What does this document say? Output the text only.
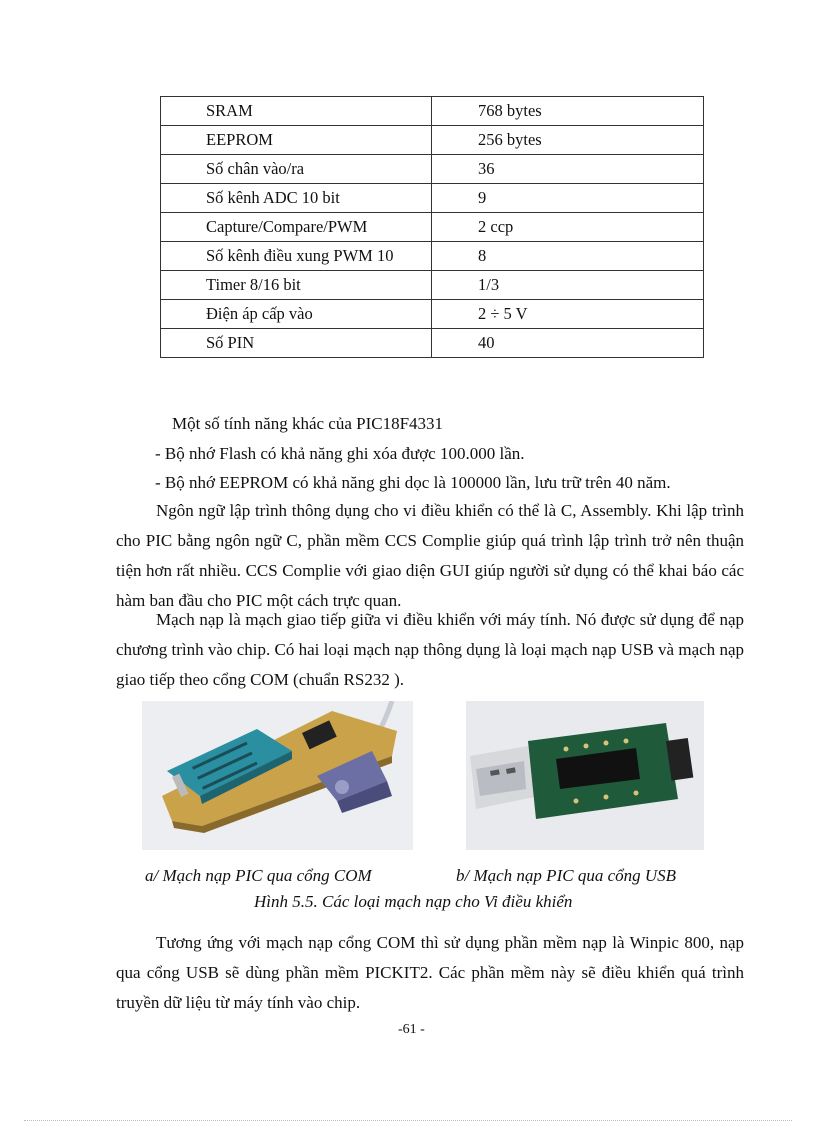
SRAM	768 bytes
EEPROM	256 bytes
Số chân vào/ra	36
Số kênh ADC 10 bit	9
Capture/Compare/PWM	2 ccp
Số kênh điều xung PWM 10	8
Timer 8/16 bit	1/3
Điện áp cấp vào	2 ÷ 5 V
Số PIN	40
Một số tính năng khác của PIC18F4331
- Bộ nhớ Flash có khả năng ghi xóa được 100.000 lần.
- Bộ nhớ EEPROM có khả năng ghi dọc là 100000 lần, lưu trữ trên 40 năm.
Ngôn ngữ lập trình thông dụng cho vi điều khiển có thể là C, Assembly. Khi lập trình cho PIC bằng ngôn ngữ C, phần mềm CCS Complie giúp quá trình lập trình trở nên thuận tiện hơn rất nhiều. CCS Complie với giao diện GUI giúp người sử dụng có thể khai báo các hàm ban đầu cho PIC một cách trực quan.
Mạch nạp là mạch giao tiếp giữa vi điều khiển với máy tính. Nó được sử dụng để nạp chương trình vào chip. Có hai loại mạch nạp thông dụng là loại mạch nạp USB và mạch nạp giao tiếp theo cổng COM (chuẩn RS232 ).
a/ Mạch nạp PIC qua cổng COM	b/ Mạch nạp PIC qua cổng USB
Hình 5.5. Các loại mạch nạp cho Vi điều khiển
Tương ứng với mạch nạp cổng COM thì sử dụng phần mềm nạp là Winpic 800, nạp qua cổng USB sẽ dùng phần mềm PICKIT2. Các phần mềm này sẽ điều khiển quá trình truyền dữ liệu từ máy tính vào chip.
-61 -
